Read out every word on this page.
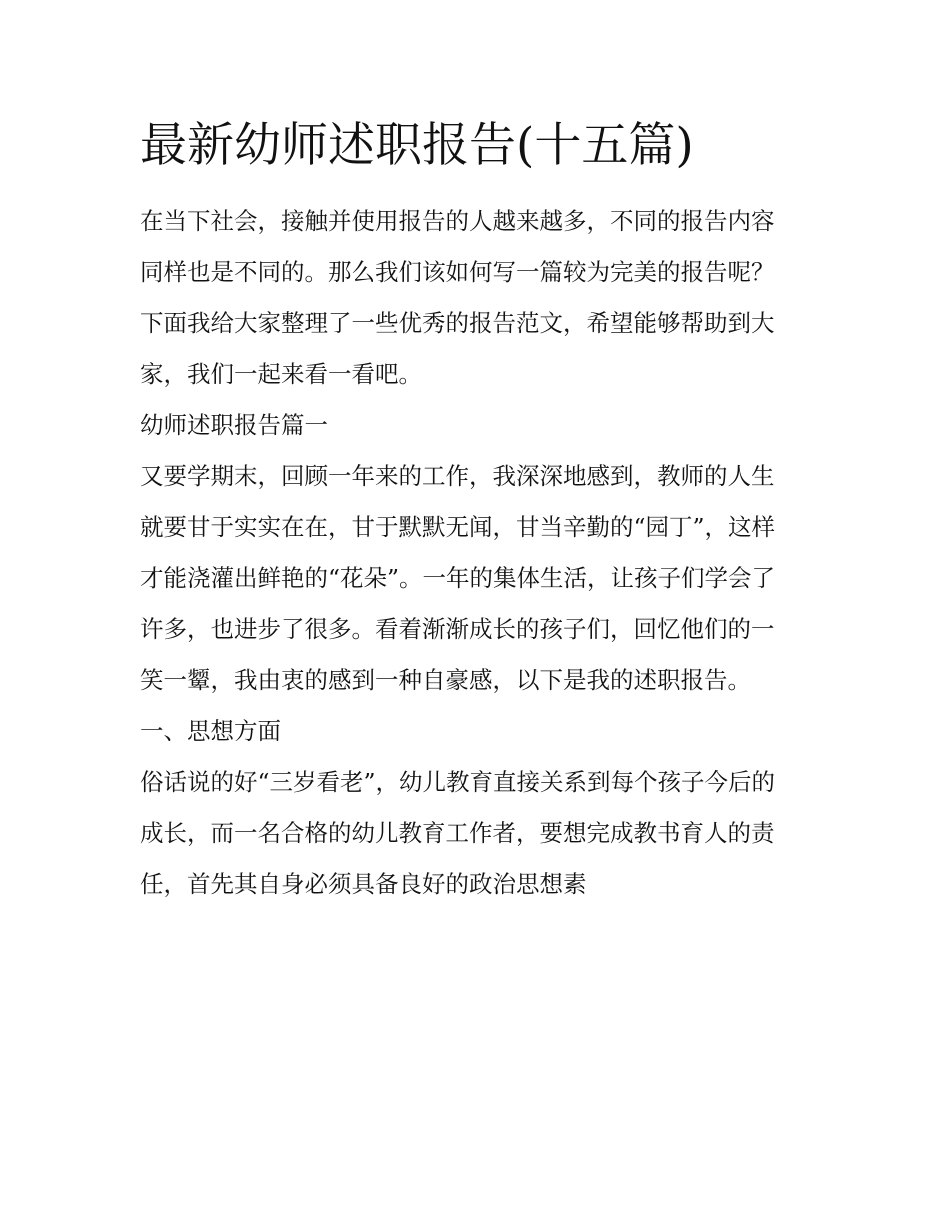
最新幼师述职报告(十五篇)

在当下社会，接触并使用报告的人越来越多，不同的报告内容

同样也是不同的。那么我们该如何写一篇较为完美的报告呢？

下面我给大家整理了一些优秀的报告范文，希望能够帮助到大

家，我们一起来看一看吧。

幼师述职报告篇一

又要学期末，回顾一年来的工作，我深深地感到，教师的人生

就要甘于实实在在，甘于默默无闻，甘当辛勤的“园丁”，这样

才能浇灌出鲜艳的“花朵”。一年的集体生活，让孩子们学会了

许多，也进步了很多。看着渐渐成长的孩子们，回忆他们的一

笑一颦，我由衷的感到一种自豪感，以下是我的述职报告。

一、思想方面

俗话说的好“三岁看老”，幼儿教育直接关系到每个孩子今后的

成长，而一名合格的幼儿教育工作者，要想完成教书育人的责

任，首先其自身必须具备良好的政治思想素
